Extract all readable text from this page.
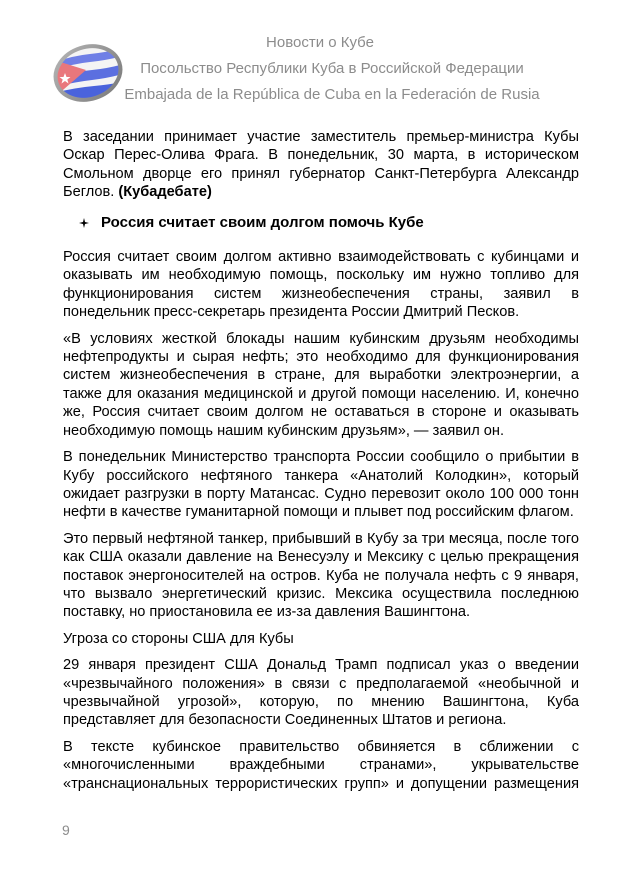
Новости о Кубе
Посольство Республики Куба в Российской Федерации
Embajada de la República de Cuba en la Federación de Rusia

В заседании принимает участие заместитель премьер-министра Кубы Оскар Перес-Олива Фрага. В понедельник, 30 марта, в историческом Смольном дворце его принял губернатор Санкт-Петербурга Александр Беглов. (Кубадебате)

Россия считает своим долгом помочь Кубе

Россия считает своим долгом активно взаимодействовать с кубинцами и оказывать им необходимую помощь, поскольку им нужно топливо для функционирования систем жизнеобеспечения страны, заявил в понедельник пресс-секретарь президента России Дмитрий Песков.

«В условиях жесткой блокады нашим кубинским друзьям необходимы нефтепродукты и сырая нефть; это необходимо для функционирования систем жизнеобеспечения в стране, для выработки электроэнергии, а также для оказания медицинской и другой помощи населению. И, конечно же, Россия считает своим долгом не оставаться в стороне и оказывать необходимую помощь нашим кубинским друзьям», — заявил он.

В понедельник Министерство транспорта России сообщило о прибытии в Кубу российского нефтяного танкера «Анатолий Колодкин», который ожидает разгрузки в порту Матансас. Судно перевозит около 100 000 тонн нефти в качестве гуманитарной помощи и плывет под российским флагом.

Это первый нефтяной танкер, прибывший в Кубу за три месяца, после того как США оказали давление на Венесуэлу и Мексику с целью прекращения поставок энергоносителей на остров. Куба не получала нефть с 9 января, что вызвало энергетический кризис. Мексика осуществила последнюю поставку, но приостановила ее из-за давления Вашингтона.

Угроза со стороны США для Кубы

29 января президент США Дональд Трамп подписал указ о введении «чрезвычайного положения» в связи с предполагаемой «необычной и чрезвычайной угрозой», которую, по мнению Вашингтона, Куба представляет для безопасности Соединенных Штатов и региона.

В тексте кубинское правительство обвиняется в сближении с «многочисленными враждебными странами», укрывательстве «транснациональных террористических групп» и допущении размещения

9
